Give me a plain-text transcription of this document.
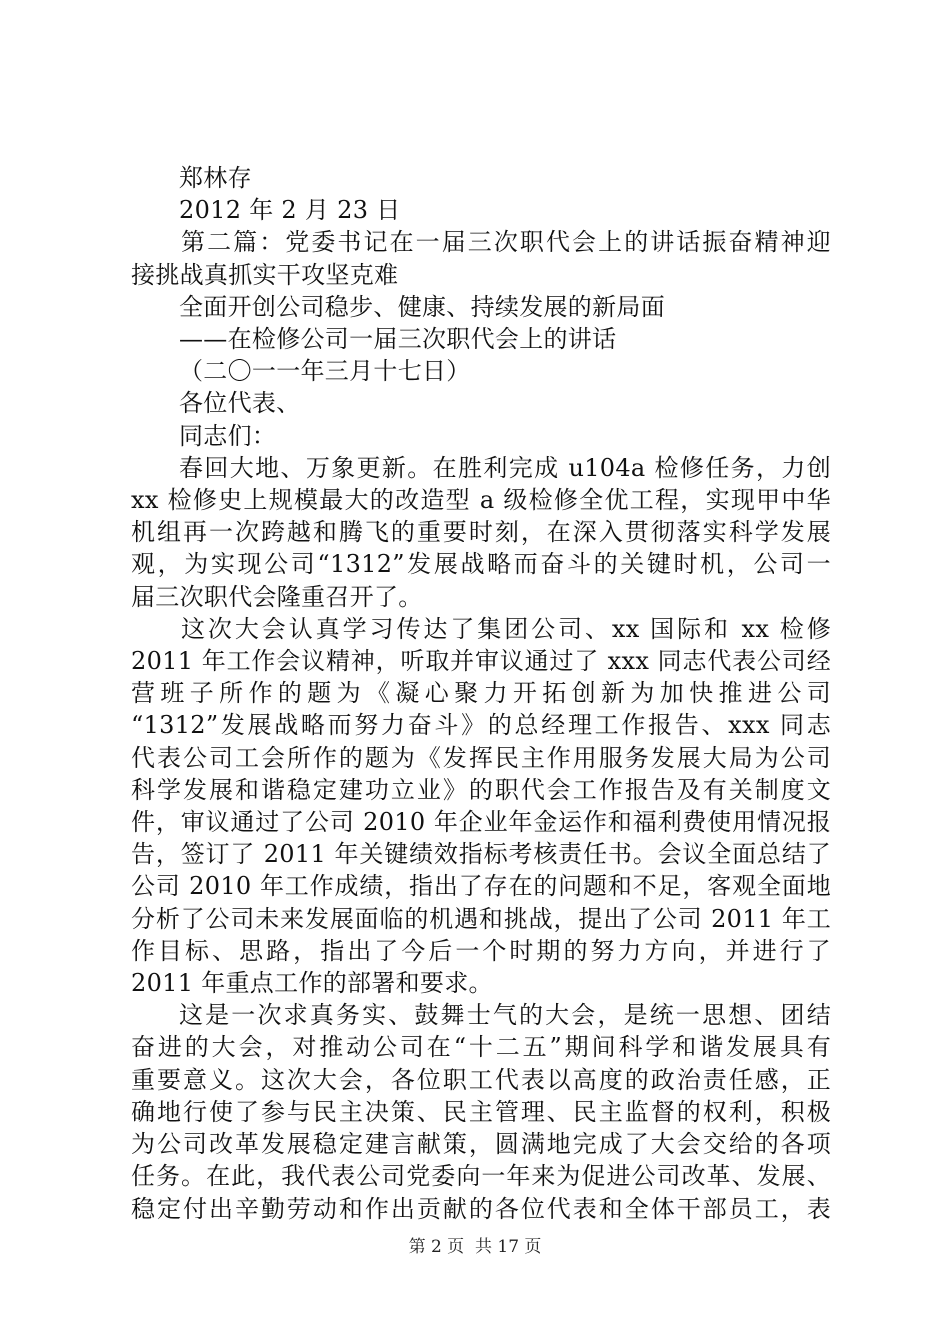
郑林存
2012 年 2 月 23 日
第二篇：党委书记在一届三次职代会上的讲话振奋精神迎
接挑战真抓实干攻坚克难
全面开创公司稳步、健康、持续发展的新局面
——在检修公司一届三次职代会上的讲话
（二〇一一年三月十七日）
各位代表、
同志们：
春回大地、万象更新。在胜利完成 u104a 检修任务，力创
xx 检修史上规模最大的改造型 a 级检修全优工程，实现甲中华
机组再一次跨越和腾飞的重要时刻，在深入贯彻落实科学发展
观，为实现公司“1312”发展战略而奋斗的关键时机，公司一
届三次职代会隆重召开了。
这次大会认真学习传达了集团公司、xx 国际和 xx 检修
2011 年工作会议精神，听取并审议通过了 xxx 同志代表公司经
营班子所作的题为《凝心聚力开拓创新为加快推进公司
“1312”发展战略而努力奋斗》的总经理工作报告、xxx 同志
代表公司工会所作的题为《发挥民主作用服务发展大局为公司
科学发展和谐稳定建功立业》的职代会工作报告及有关制度文
件，审议通过了公司 2010 年企业年金运作和福利费使用情况报
告，签订了 2011 年关键绩效指标考核责任书。会议全面总结了
公司 2010 年工作成绩，指出了存在的问题和不足，客观全面地
分析了公司未来发展面临的机遇和挑战，提出了公司 2011 年工
作目标、思路，指出了今后一个时期的努力方向，并进行了
2011 年重点工作的部署和要求。
这是一次求真务实、鼓舞士气的大会，是统一思想、团结
奋进的大会，对推动公司在“十二五”期间科学和谐发展具有
重要意义。这次大会，各位职工代表以高度的政治责任感，正
确地行使了参与民主决策、民主管理、民主监督的权利，积极
为公司改革发展稳定建言献策，圆满地完成了大会交给的各项
任务。在此，我代表公司党委向一年来为促进公司改革、发展、
稳定付出辛勤劳动和作出贡献的各位代表和全体干部员工，表
第 2 页  共 17 页
